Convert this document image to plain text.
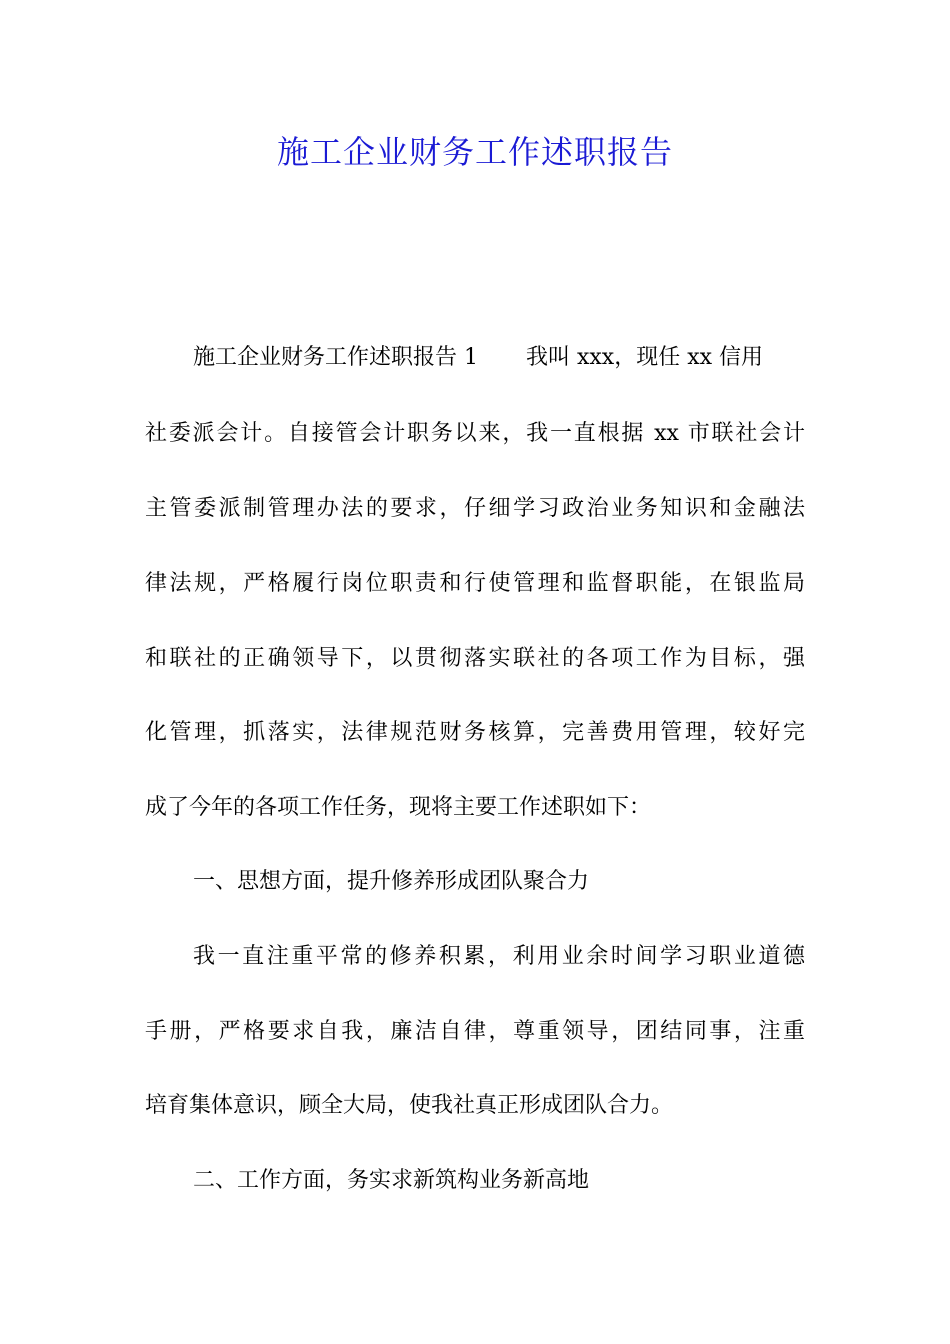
施工企业财务工作述职报告
施工企业财务工作述职报告 1 我叫 xxx，现任 xx 信用
社委派会计。自接管会计职务以来，我一直根据 xx 市联社会计
主管委派制管理办法的要求，仔细学习政治业务知识和金融法
律法规，严格履行岗位职责和行使管理和监督职能，在银监局
和联社的正确领导下，以贯彻落实联社的各项工作为目标，强
化管理，抓落实，法律规范财务核算，完善费用管理，较好完
成了今年的各项工作任务，现将主要工作述职如下：
一、思想方面，提升修养形成团队聚合力
我一直注重平常的修养积累，利用业余时间学习职业道德
手册，严格要求自我，廉洁自律，尊重领导，团结同事，注重
培育集体意识，顾全大局，使我社真正形成团队合力。
二、工作方面，务实求新筑构业务新高地
